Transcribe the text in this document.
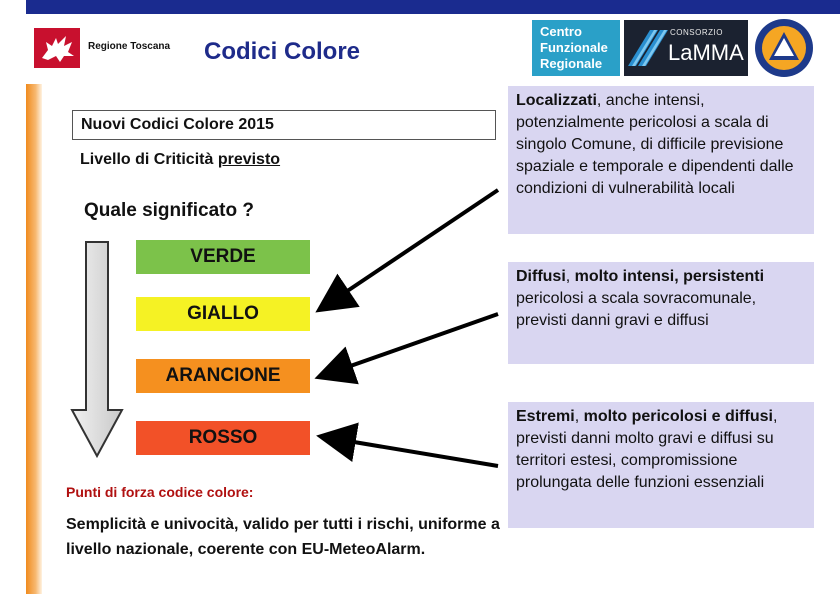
Regione Toscana Codici Colore
Centro
Funzionale
Regionale
CONSORZIO
LaMMA
Nuovi Codici Colore 2015
Livello di Criticità previsto
Quale significato ?
VERDE
GIALLO
ARANCIONE
ROSSO
Localizzati, anche intensi, potenzialmente pericolosi a scala di singolo Comune, di difficile previsione spaziale e temporale e dipendenti dalle condizioni di vulnerabilità locali
Diffusi, molto intensi, persistenti pericolosi a scala sovracomunale, previsti danni gravi e diffusi
Estremi, molto pericolosi e diffusi, previsti danni molto gravi e diffusi su territori estesi, compromissione prolungata delle funzioni essenziali
Punti di forza codice colore:
Semplicità e univocità, valido per tutti i rischi, uniforme a livello nazionale, coerente con EU-MeteoAlarm.
